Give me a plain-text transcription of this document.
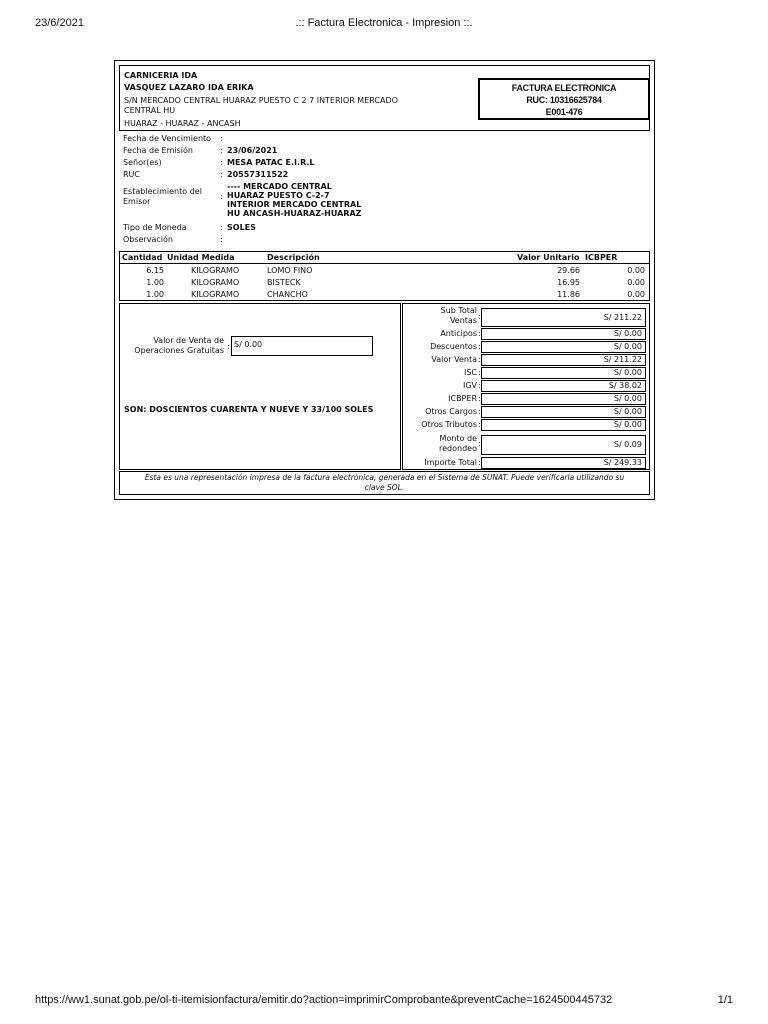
23/6/2021	.:: Factura Electronica - Impresion ::.
CARNICERIA IDA
VASQUEZ LAZARO IDA ERIKA
S/N MERCADO CENTRAL HUARAZ PUESTO C 2 7 INTERIOR MERCADO CENTRAL HU
HUARAZ - HUARAZ - ANCASH
FACTURA ELECTRONICA
RUC: 10316625784
E001-476
Fecha de Vencimiento :
Fecha de Emisión	: 23/06/2021
Señor(es)	: MESA PATAC E.I.R.L
RUC	: 20557311522
Establecimiento del
Emisor
:
---- MERCADO CENTRAL
HUARAZ PUESTO C-2-7
INTERIOR MERCADO CENTRAL
HU ANCASH-HUARAZ-HUARAZ
Tipo de Moneda	: SOLES
Observación	:
Cantidad Unidad Medida	Descripción	Valor Unitario ICBPER
6.15	KILOGRAMO	LOMO FINO	29.66	0.00
1.00	KILOGRAMO	BISTECK	16.95	0.00
1.00	KILOGRAMO	CHANCHO	11.86	0.00
Valor de Venta de
Operaciones Gratuitas : S/ 0.00
SON: DOSCIENTOS CUARENTA Y NUEVE Y 33/100 SOLES
Sub Total
Ventas :	S/ 211.22
Anticipos :	S/ 0.00
Descuentos :	S/ 0.00
Valor Venta :	S/ 211.22
ISC :	S/ 0.00
IGV :	S/ 38.02
ICBPER :	S/ 0.00
Otros Cargos :	S/ 0.00
Otros Tributos :	S/ 0.00
Monto de
redondeo
:	S/ 0.09
Importe Total :	S/ 249.33
Esta es una representación impresa de la factura electrónica, generada en el Sistema de SUNAT. Puede verificarla utilizando su
clave SOL.
https://ww1.sunat.gob.pe/ol-ti-itemisionfactura/emitir.do?action=imprimirComprobante&preventCache=1624500445732	1/1
